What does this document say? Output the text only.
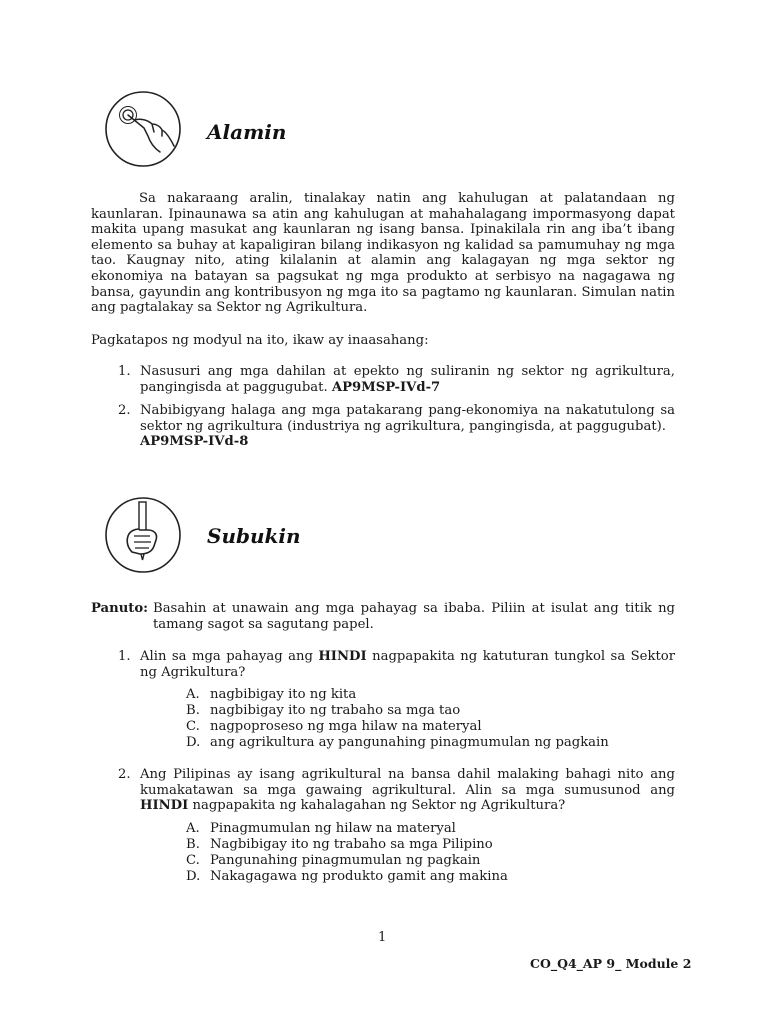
Alamin

Sa nakaraang aralin, tinalakay natin ang kahulugan at palatandaan ng kaunlaran. Ipinaunawa sa atin ang kahulugan at mahahalagang impormasyong dapat makita upang masukat ang kaunlaran ng isang bansa. Ipinakilala rin ang iba’t ibang elemento sa buhay at kapaligiran bilang indikasyon ng kalidad sa pamumuhay ng mga tao. Kaugnay nito, ating kilalanin at alamin ang kalagayan ng mga sektor ng ekonomiya na batayan sa pagsukat ng mga produkto at serbisyo na nagagawa ng bansa, gayundin ang kontribusyon ng mga ito sa pagtamo ng kaunlaran. Simulan natin ang pagtalakay sa Sektor ng Agrikultura.

Pagkatapos ng modyul na ito, ikaw ay inaasahang:

1. Nasusuri ang mga dahilan at epekto ng suliranin ng sektor ng agrikultura, pangingisda at paggugubat. AP9MSP-IVd-7
2. Nabibigyang halaga ang mga patakarang pang-ekonomiya na nakatutulong sa sektor ng agrikultura (industriya ng agrikultura, pangingisda, at paggugubat).
AP9MSP-IVd-8
Subukin
Panuto: Basahin at unawain ang mga pahayag sa ibaba. Piliin at isulat ang titik ng tamang sagot sa sagutang papel.
1. Alin sa mga pahayag ang HINDI nagpapakita ng katuturan tungkol sa Sektor ng Agrikultura?
A. nagbibigay ito ng kita
B. nagbibigay ito ng trabaho sa mga tao
C. nagpoproseso ng mga hilaw na materyal
D. ang agrikultura ay pangunahing pinagmumulan ng pagkain
2. Ang Pilipinas ay isang agrikultural na bansa dahil malaking bahagi nito ang kumakatawan sa mga gawaing agrikultural. Alin sa mga sumusunod ang HINDI nagpapakita ng kahalagahan ng Sektor ng Agrikultura?
A. Pinagmumulan ng hilaw na materyal
B. Nagbibigay ito ng trabaho sa mga Pilipino
C. Pangunahing pinagmumulan ng pagkain
D. Nakagagawa ng produkto gamit ang makina
1
CO_Q4_AP 9_ Module 2
